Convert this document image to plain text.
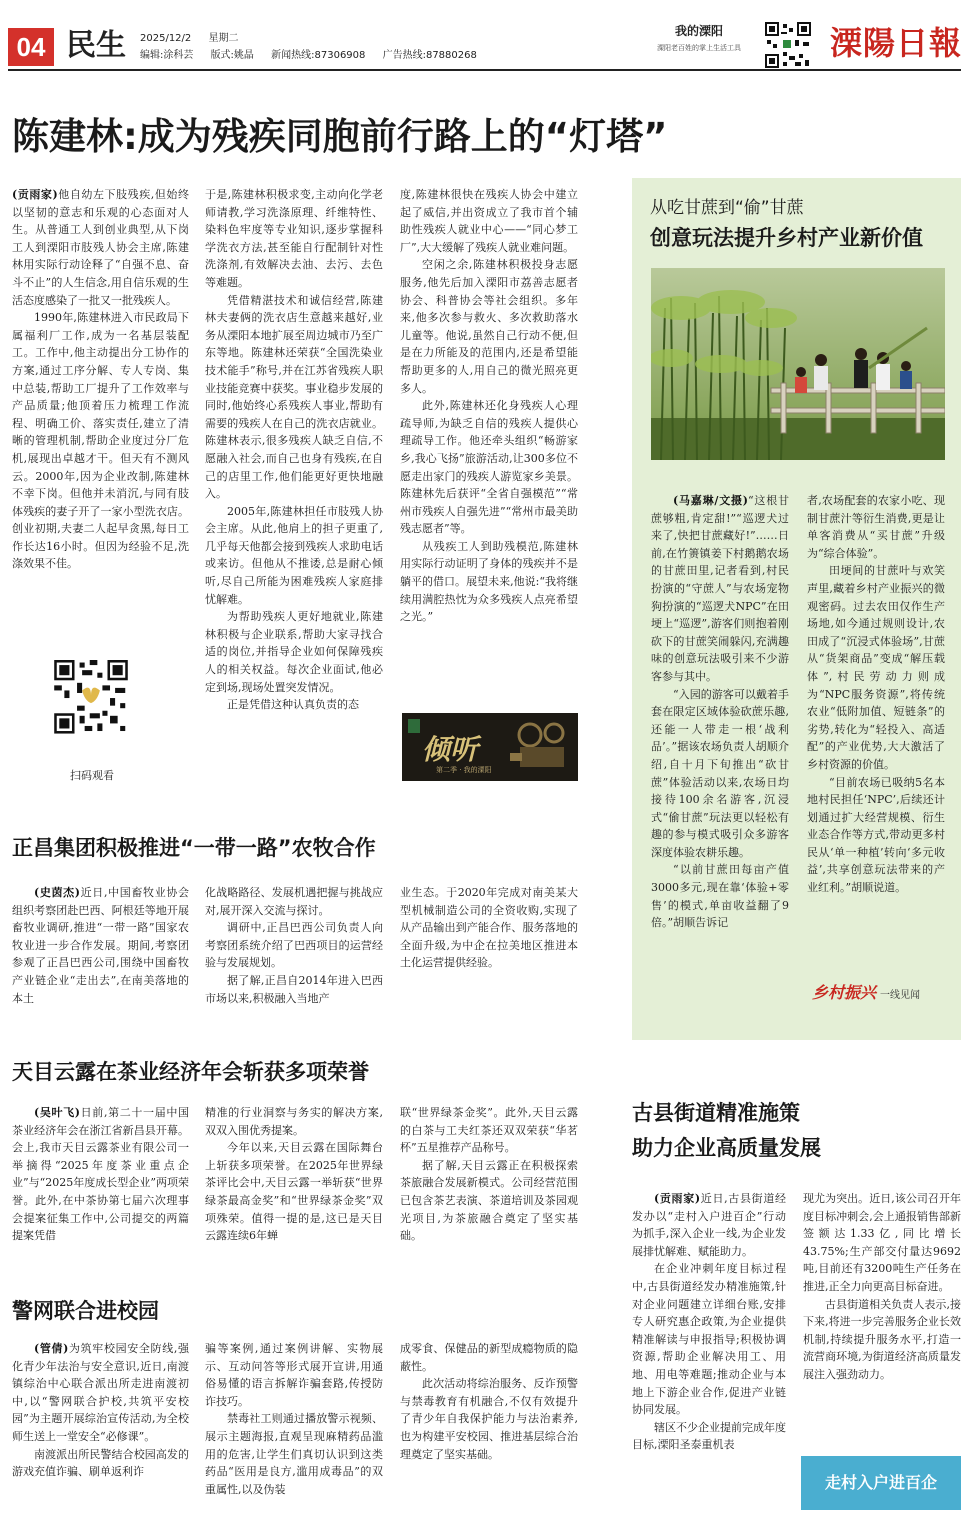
04 民生 2025/12/2 星期二
编辑:涂科芸 版式:姚晶 新闻热线:87306908 广告热线:87880268
我的溧阳
溧阳老百姓的掌上生活工具	溧陽日報
陈建林:成为残疾同胞前行路上的“灯塔”

(贡雨家)他自幼左下肢残疾,但始终以坚韧的意志和乐观的心态面对人生。从普通工人到创业典型,从下岗工人到溧阳市肢残人协会主席,陈建林用实际行动诠释了“自强不息、奋斗不止”的人生信念,用自信乐观的生活态度感染了一批又一批残疾人。

1990年,陈建林进入市民政局下属福利厂工作,成为一名基层装配工。工作中,他主动提出分工协作的方案,通过工序分解、专人专岗、集中总装,帮助工厂提升了工作效率与产品质量;他顶着压力梳理工作流程、明确工价、落实责任,建立了清晰的管理机制,帮助企业度过分厂危机,展现出卓越才干。但天有不测风云。2000年,因为企业改制,陈建林不幸下岗。但他并未消沉,与同有肢体残疾的妻子开了一家小型洗衣店。创业初期,夫妻二人起早贪黑,每日工作长达16小时。但因为经验不足,洗涤效果不佳。

扫码观看

于是,陈建林积极求变,主动向化学老师请教,学习洗涤原理、纤维特性、染料色牢度等专业知识,逐步掌握科学洗衣方法,甚至能自行配制针对性洗涤剂,有效解决去油、去污、去色等难题。

凭借精湛技术和诚信经营,陈建林夫妻俩的洗衣店生意越来越好,业务从溧阳本地扩展至周边城市乃至广东等地。陈建林还荣获“全国洗染业技术能手”称号,并在江苏省残疾人职业技能竞赛中获奖。事业稳步发展的同时,他始终心系残疾人事业,帮助有需要的残疾人在自己的洗衣店就业。陈建林表示,很多残疾人缺乏自信,不愿融入社会,而自己也身有残疾,在自己的店里工作,他们能更好更快地融入。

2005年,陈建林担任市肢残人协会主席。从此,他肩上的担子更重了,几乎每天他都会接到残疾人求助电话或来访。但他从不推诿,总是耐心倾听,尽自己所能为困难残疾人家庭排忧解难。

为帮助残疾人更好地就业,陈建林积极与企业联系,帮助大家寻找合适的岗位,并指导企业如何保障残疾人的相关权益。每次企业面试,他必定到场,现场处置突发情况。

正是凭借这种认真负责的态

度,陈建林很快在残疾人协会中建立起了威信,并出资成立了我市首个辅助性残疾人就业中心——“同心梦工厂”,大大缓解了残疾人就业难问题。

空闲之余,陈建林积极投身志愿服务,他先后加入溧阳市荔善志愿者协会、科普协会等社会组织。多年来,他多次参与救火、多次救助落水儿童等。他说,虽然自己行动不便,但是在力所能及的范围内,还是希望能帮助更多的人,用自己的微光照亮更多人。

此外,陈建林还化身残疾人心理疏导师,为缺乏自信的残疾人提供心理疏导工作。他还牵头组织“畅游家乡,我心飞扬”旅游活动,让300多位不愿走出家门的残疾人游览家乡美景。陈建林先后获评“全省自强模范”“常州市残疾人自强先进”“常州市最美助残志愿者”等。

从残疾工人到助残模范,陈建林用实际行动证明了身体的残疾并不是躺平的借口。展望未来,他说:“我将继续用满腔热忱为众多残疾人点亮希望之光。”

倾听
第二季 · 我的溧阳
从吃甘蔗到“偷”甘蔗
创意玩法提升乡村产业新价值

(马嘉琳/文摄)“这根甘蔗够粗,肯定甜!”“巡逻犬过来了,快把甘蔗藏好!”……日前,在竹箦镇姜下村鹅鹅农场的甘蔗田里,记者看到,村民扮演的“守蔗人”与农场宠物狗扮演的“巡逻犬NPC”在田埂上“巡逻”,游客们则抱着刚砍下的甘蔗笑闹躲闪,充满趣味的创意玩法吸引来不少游客参与其中。

“入园的游客可以戴着手套在限定区域体验砍蔗乐趣,还能一人带走一根‘战利品’。”据该农场负责人胡顺介绍,自十月下旬推出“砍甘蔗”体验活动以来,农场日均接待100余名游客,沉浸式“偷甘蔗”玩法更以轻松有趣的参与模式吸引众多游客深度体验农耕乐趣。

“以前甘蔗田每亩产值3000多元,现在靠‘体验+零售’的模式,单亩收益翻了9倍。”胡顺告诉记

者,农场配套的农家小吃、现制甘蔗汁等衍生消费,更是让单客消费从“买甘蔗”升级为“综合体验”。

田埂间的甘蔗叶与欢笑声里,藏着乡村产业振兴的微观密码。过去农田仅作生产场地,如今通过规则设计,农田成了“沉浸式体验场”,甘蔗从“货架商品”变成“解压载体”,村民劳动力则成为“NPC服务资源”,将传统农业“低附加值、短链条”的劣势,转化为“轻投入、高适配”的产业优势,大大激活了乡村资源的价值。

“目前农场已吸纳5名本地村民担任‘NPC’,后续还计划通过扩大经营规模、衍生业态合作等方式,带动更多村民从‘单一种植’转向‘多元收益’,共享创意玩法带来的产业红利。”胡顺说道。

乡村振兴 一线见闻
正昌集团积极推进“一带一路”农牧合作

(史茵杰)近日,中国畜牧业协会组织考察团赴巴西、阿根廷等地开展畜牧业调研,推进“一带一路”国家农牧业进一步合作发展。期间,考察团参观了正昌巴西公司,围绕中国畜牧产业链企业“走出去”,在南美落地的本土

化战略路径、发展机遇把握与挑战应对,展开深入交流与探讨。

调研中,正昌巴西公司负责人向考察团系统介绍了巴西项目的运营经验与发展规划。

据了解,正昌自2014年进入巴西市场以来,积极融入当地产

业生态。于2020年完成对南美某大型机械制造公司的全资收购,实现了从产品输出到产能合作、服务落地的全面升级,为中企在拉美地区推进本土化运营提供经验。

天目云露在茶业经济年会斩获多项荣誉

(吴叶飞)日前,第二十一届中国茶业经济年会在浙江省新昌县开幕。会上,我市天目云露茶业有限公司一举摘得“2025年度茶业重点企业”与“2025年度成长型企业”两项荣誉。此外,在中茶协第七届六次理事会提案征集工作中,公司提交的两篇提案凭借

精准的行业洞察与务实的解决方案,双双入围优秀提案。

今年以来,天目云露在国际舞台上斩获多项荣誉。在2025年世界绿茶评比会中,天目云露一举斩获“世界绿茶最高金奖”和“世界绿茶金奖”双项殊荣。值得一提的是,这已是天目云露连续6年蝉

联“世界绿茶金奖”。此外,天目云露的白茶与工夫红茶还双双荣获“华茗杯”五星推荐产品称号。

据了解,天目云露正在积极探索茶旅融合发展新模式。公司经营范围已包含茶艺表演、茶道培训及茶园观光项目,为茶旅融合奠定了坚实基础。

警网联合进校园

(管倩)为筑牢校园安全防线,强化青少年法治与安全意识,近日,南渡镇综治中心联合派出所走进南渡初中,以“警网联合护校,共筑平安校园”为主题开展综治宣传活动,为全校师生送上一堂安全“必修课”。

南渡派出所民警结合校园高发的游戏充值诈骗、刷单返利诈

骗等案例,通过案例讲解、实物展示、互动问答等形式展开宣讲,用通俗易懂的语言拆解诈骗套路,传授防诈技巧。

禁毒社工则通过播放警示视频、展示主题海报,直观呈现麻精药品滥用的危害,让学生们真切认识到这类药品“医用是良方,滥用成毒品”的双重属性,以及伪装

成零食、保健品的新型成瘾物质的隐蔽性。

此次活动将综治服务、反诈预警与禁毒教育有机融合,不仅有效提升了青少年自我保护能力与法治素养,也为构建平安校园、推进基层综合治理奠定了坚实基础。

古县街道精准施策
助力企业高质量发展

(贡雨家)近日,古县街道经发办以“走村入户进百企”行动为抓手,深入企业一线,为企业发展排忧解难、赋能助力。

在企业冲刺年度目标过程中,古县街道经发办精准施策,针对企业问题建立详细台账,安排专人研究惠企政策,为企业提供精准解读与申报指导;积极协调资源,帮助企业解决用工、用地、用电等难题;推动企业与本地上下游企业合作,促进产业链协同发展。

辖区不少企业提前完成年度目标,溧阳圣泰重机表

现尤为突出。近日,该公司召开年度目标冲刺会,会上通报销售部新签额达1.33亿,同比增长43.75%;生产部交付量达9692吨,目前还有3200吨生产任务在推进,正全力向更高目标奋进。

古县街道相关负责人表示,接下来,将进一步完善服务企业长效机制,持续提升服务水平,打造一流营商环境,为街道经济高质量发展注入强劲动力。

走村入户进百企
